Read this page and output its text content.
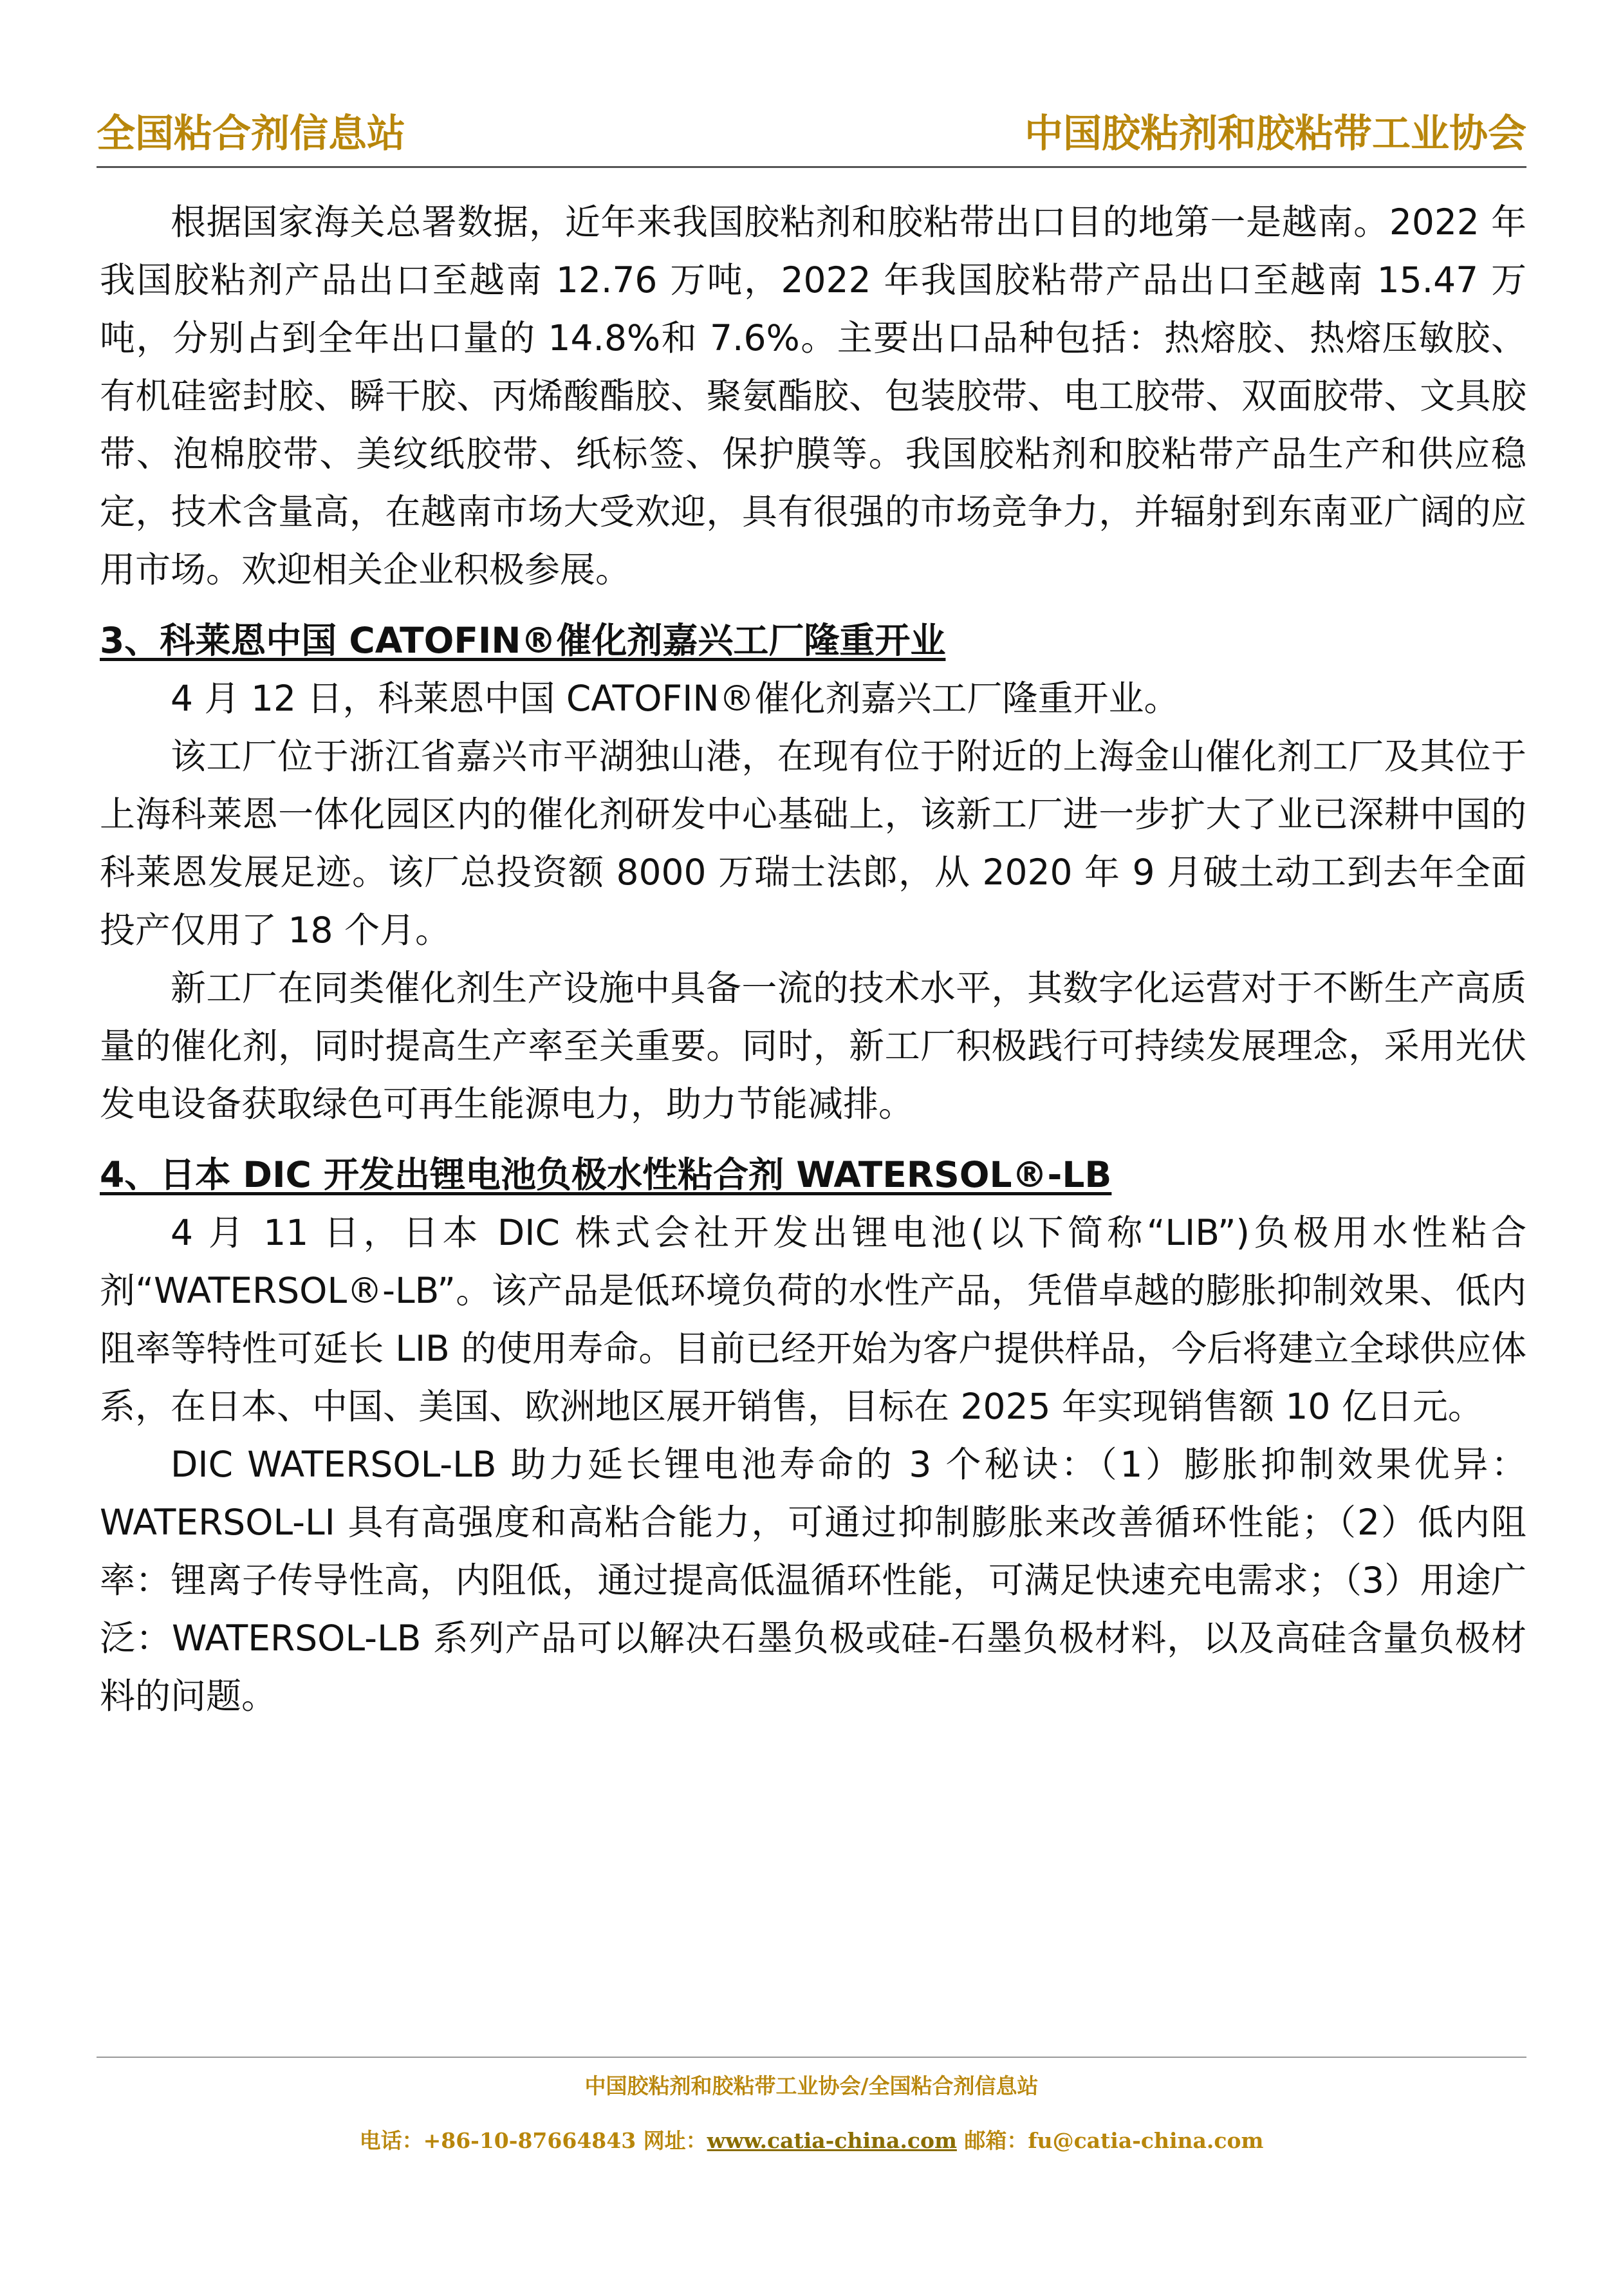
全国粘合剂信息站	中国胶粘剂和胶粘带工业协会

根据国家海关总署数据，近年来我国胶粘剂和胶粘带出口目的地第一是越南。2022 年我国胶粘剂产品出口至越南 12.76 万吨，2022 年我国胶粘带产品出口至越南 15.47 万吨，分别占到全年出口量的 14.8%和 7.6%。主要出口品种包括：热熔胶、热熔压敏胶、有机硅密封胶、瞬干胶、丙烯酸酯胶、聚氨酯胶、包装胶带、电工胶带、双面胶带、文具胶带、泡棉胶带、美纹纸胶带、纸标签、保护膜等。我国胶粘剂和胶粘带产品生产和供应稳定，技术含量高，在越南市场大受欢迎，具有很强的市场竞争力，并辐射到东南亚广阔的应用市场。欢迎相关企业积极参展。

3、科莱恩中国 CATOFIN®催化剂嘉兴工厂隆重开业

4 月 12 日，科莱恩中国 CATOFIN®催化剂嘉兴工厂隆重开业。

该工厂位于浙江省嘉兴市平湖独山港，在现有位于附近的上海金山催化剂工厂及其位于上海科莱恩一体化园区内的催化剂研发中心基础上，该新工厂进一步扩大了业已深耕中国的科莱恩发展足迹。该厂总投资额 8000 万瑞士法郎，从 2020 年 9 月破土动工到去年全面投产仅用了 18 个月。

新工厂在同类催化剂生产设施中具备一流的技术水平，其数字化运营对于不断生产高质量的催化剂，同时提高生产率至关重要。同时，新工厂积极践行可持续发展理念，采用光伏发电设备获取绿色可再生能源电力，助力节能减排。

4、日本 DIC 开发出锂电池负极水性粘合剂 WATERSOL®-LB

4 月 11 日，日本 DIC 株式会社开发出锂电池(以下简称“LIB”)负极用水性粘合剂“WATERSOL®-LB”。该产品是低环境负荷的水性产品，凭借卓越的膨胀抑制效果、低内阻率等特性可延长 LIB 的使用寿命。目前已经开始为客户提供样品，今后将建立全球供应体系，在日本、中国、美国、欧洲地区展开销售，目标在 2025 年实现销售额 10 亿日元。

DIC WATERSOL-LB 助力延长锂电池寿命的 3 个秘诀：（1）膨胀抑制效果优异：WATERSOL-LI 具有高强度和高粘合能力，可通过抑制膨胀来改善循环性能；（2）低内阻率：锂离子传导性高，内阻低，通过提高低温循环性能，可满足快速充电需求；（3）用途广泛：WATERSOL-LB 系列产品可以解决石墨负极或硅-石墨负极材料，以及高硅含量负极材料的问题。

中国胶粘剂和胶粘带工业协会/全国粘合剂信息站
电话：+86-10-87664843 网址：www.catia-china.com 邮箱：fu@catia-china.com
